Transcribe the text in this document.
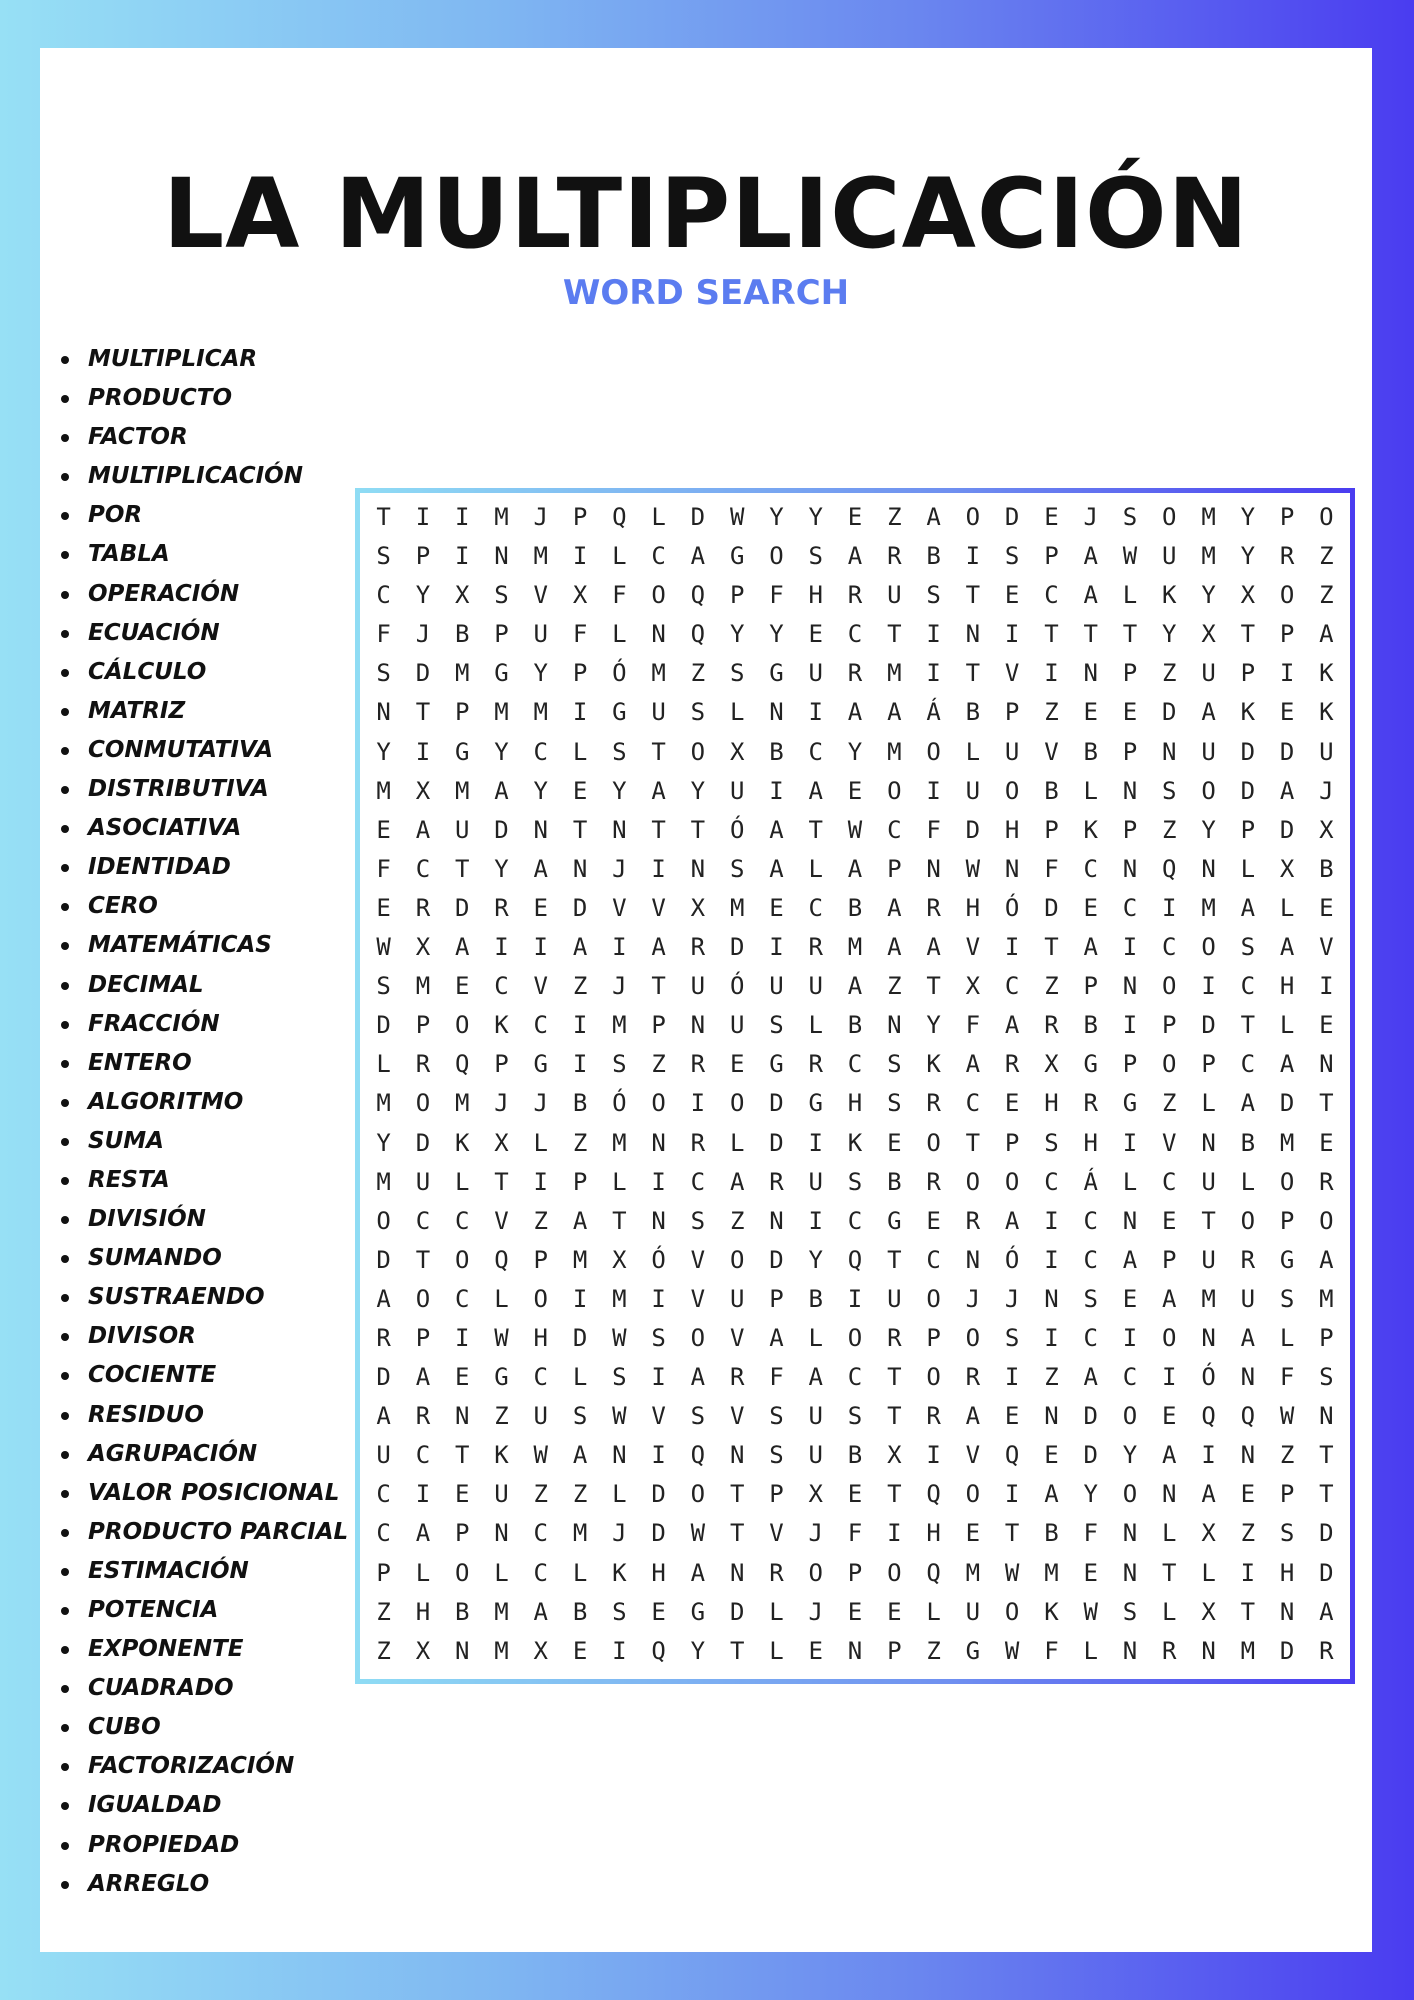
LA MULTIPLICACIÓN
WORD SEARCH
MULTIPLICAR
PRODUCTO
FACTOR
MULTIPLICACIÓN
POR
TABLA
OPERACIÓN
ECUACIÓN
CÁLCULO
MATRIZ
CONMUTATIVA
DISTRIBUTIVA
ASOCIATIVA
IDENTIDAD
CERO
MATEMÁTICAS
DECIMAL
FRACCIÓN
ENTERO
ALGORITMO
SUMA
RESTA
DIVISIÓN
SUMANDO
SUSTRAENDO
DIVISOR
COCIENTE
RESIDUO
AGRUPACIÓN
VALOR POSICIONAL
PRODUCTO PARCIAL
ESTIMACIÓN
POTENCIA
EXPONENTE
CUADRADO
CUBO
FACTORIZACIÓN
IGUALDAD
PROPIEDAD
ARREGLO
T	I	I	M	J	P	Q	L	D	W	Y	Y	E	Z	A	O	D	E	J	S	O	M	Y	P	O
S	P	I	N	M	I	L	C	A	G	O	S	A	R	B	I	S	P	A	W	U	M	Y	R	Z
C	Y	X	S	V	X	F	O	Q	P	F	H	R	U	S	T	E	C	A	L	K	Y	X	O	Z
F	J	B	P	U	F	L	N	Q	Y	Y	E	C	T	I	N	I	T	T	T	Y	X	T	P	A
S	D	M	G	Y	P	Ó	M	Z	S	G	U	R	M	I	T	V	I	N	P	Z	U	P	I	K
N	T	P	M	M	I	G	U	S	L	N	I	A	A	Á	B	P	Z	E	E	D	A	K	E	K
Y	I	G	Y	C	L	S	T	O	X	B	C	Y	M	O	L	U	V	B	P	N	U	D	D	U
M	X	M	A	Y	E	Y	A	Y	U	I	A	E	O	I	U	O	B	L	N	S	O	D	A	J
E	A	U	D	N	T	N	T	T	Ó	A	T	W	C	F	D	H	P	K	P	Z	Y	P	D	X
F	C	T	Y	A	N	J	I	N	S	A	L	A	P	N	W	N	F	C	N	Q	N	L	X	B
E	R	D	R	E	D	V	V	X	M	E	C	B	A	R	H	Ó	D	E	C	I	M	A	L	E
W	X	A	I	I	A	I	A	R	D	I	R	M	A	A	V	I	T	A	I	C	O	S	A	V
S	M	E	C	V	Z	J	T	U	Ó	U	U	A	Z	T	X	C	Z	P	N	O	I	C	H	I
D	P	O	K	C	I	M	P	N	U	S	L	B	N	Y	F	A	R	B	I	P	D	T	L	E
L	R	Q	P	G	I	S	Z	R	E	G	R	C	S	K	A	R	X	G	P	O	P	C	A	N
M	O	M	J	J	B	Ó	O	I	O	D	G	H	S	R	C	E	H	R	G	Z	L	A	D	T
Y	D	K	X	L	Z	M	N	R	L	D	I	K	E	O	T	P	S	H	I	V	N	B	M	E
M	U	L	T	I	P	L	I	C	A	R	U	S	B	R	O	O	C	Á	L	C	U	L	O	R
O	C	C	V	Z	A	T	N	S	Z	N	I	C	G	E	R	A	I	C	N	E	T	O	P	O
D	T	O	Q	P	M	X	Ó	V	O	D	Y	Q	T	C	N	Ó	I	C	A	P	U	R	G	A
A	O	C	L	O	I	M	I	V	U	P	B	I	U	O	J	J	N	S	E	A	M	U	S	M
R	P	I	W	H	D	W	S	O	V	A	L	O	R	P	O	S	I	C	I	O	N	A	L	P
D	A	E	G	C	L	S	I	A	R	F	A	C	T	O	R	I	Z	A	C	I	Ó	N	F	S
A	R	N	Z	U	S	W	V	S	V	S	U	S	T	R	A	E	N	D	O	E	Q	Q	W	N
U	C	T	K	W	A	N	I	Q	N	S	U	B	X	I	V	Q	E	D	Y	A	I	N	Z	T
C	I	E	U	Z	Z	L	D	O	T	P	X	E	T	Q	O	I	A	Y	O	N	A	E	P	T
C	A	P	N	C	M	J	D	W	T	V	J	F	I	H	E	T	B	F	N	L	X	Z	S	D
P	L	O	L	C	L	K	H	A	N	R	O	P	O	Q	M	W	M	E	N	T	L	I	H	D
Z	H	B	M	A	B	S	E	G	D	L	J	E	E	L	U	O	K	W	S	L	X	T	N	A
Z	X	N	M	X	E	I	Q	Y	T	L	E	N	P	Z	G	W	F	L	N	R	N	M	D	R
